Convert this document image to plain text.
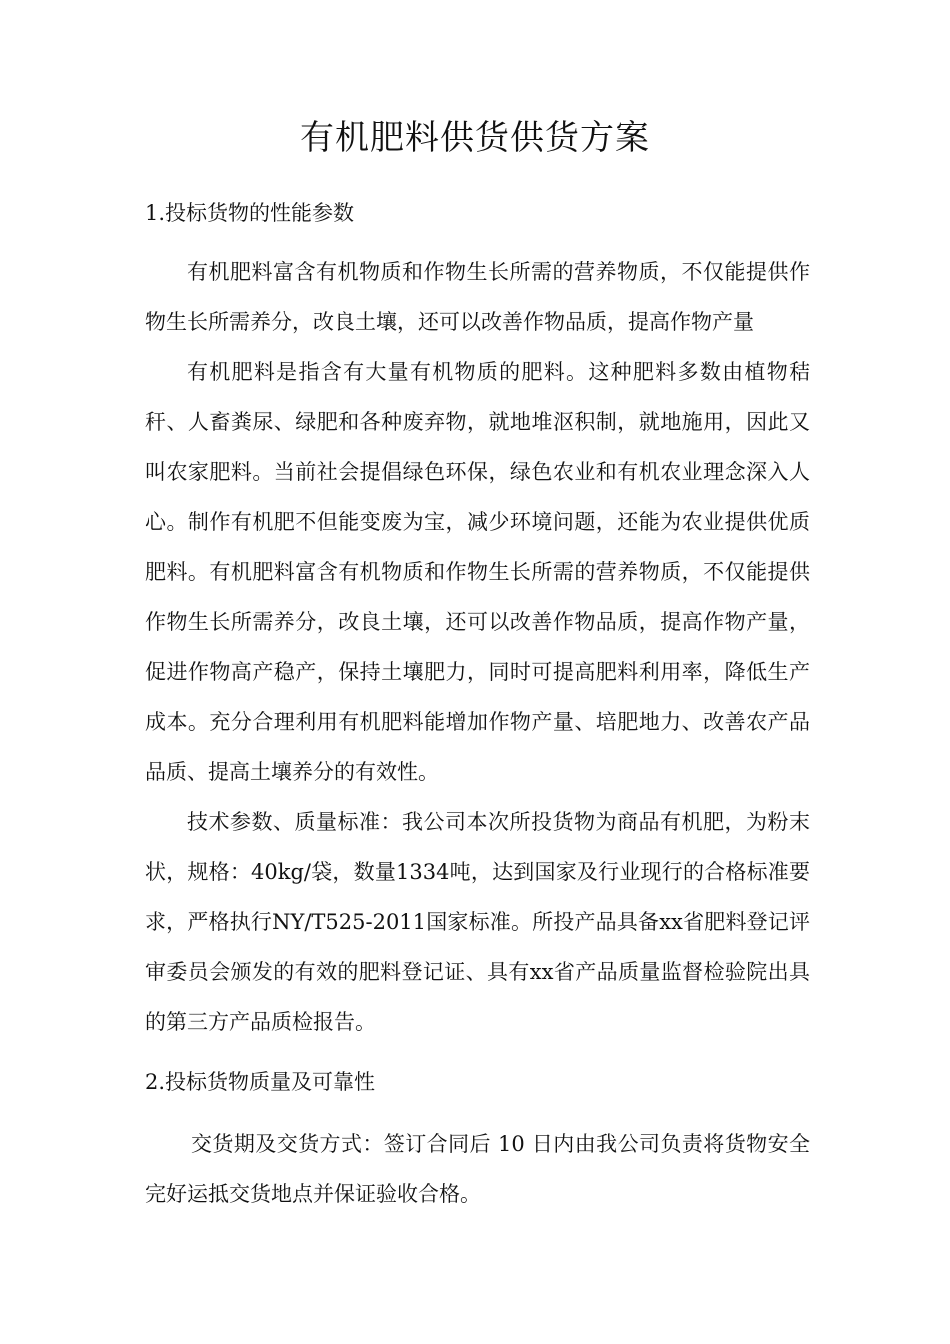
有机肥料供货供货方案
1.投标货物的性能参数

有机肥料富含有机物质和作物生长所需的营养物质，不仅能提供作物生长所需养分，改良土壤，还可以改善作物品质，提高作物产量

有机肥料是指含有大量有机物质的肥料。这种肥料多数由植物秸秆、人畜粪尿、绿肥和各种废弃物，就地堆沤积制，就地施用，因此又叫农家肥料。当前社会提倡绿色环保，绿色农业和有机农业理念深入人心。制作有机肥不但能变废为宝，减少环境问题，还能为农业提供优质肥料。有机肥料富含有机物质和作物生长所需的营养物质，不仅能提供作物生长所需养分，改良土壤，还可以改善作物品质，提高作物产量，促进作物高产稳产，保持土壤肥力，同时可提高肥料利用率，降低生产成本。充分合理利用有机肥料能增加作物产量、培肥地力、改善农产品品质、提高土壤养分的有效性。

技术参数、质量标准：我公司本次所投货物为商品有机肥，为粉末状，规格：40kg/袋，数量1334吨，达到国家及行业现行的合格标准要求，严格执行NY/T525-2011国家标准。所投产品具备xx省肥料登记评审委员会颁发的有效的肥料登记证、具有xx省产品质量监督检验院出具的第三方产品质检报告。

2.投标货物质量及可靠性

交货期及交货方式：签订合同后 10 日内由我公司负责将货物安全完好运抵交货地点并保证验收合格。
